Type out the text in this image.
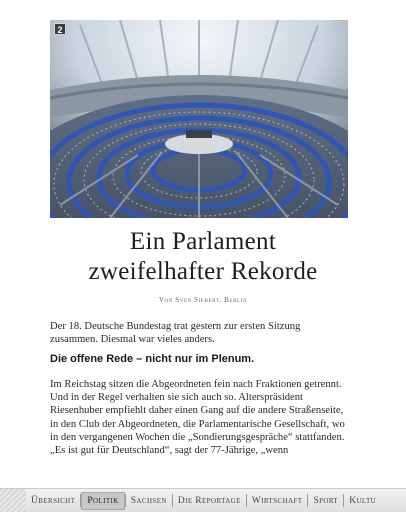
2
Ein Parlament
zweifelhafter Rekorde
Von Sven Siebert, Berlin
Der 18. Deutsche Bundestag trat gestern zur ersten Sitzung zusammen. Diesmal war vieles anders.
Die offene Rede – nicht nur im Plenum.
Im Reichstag sitzen die Abgeordneten fein nach Fraktionen getrennt. Und in der Regel verhalten sie sich auch so. Alterspräsident Riesenhuber empfiehlt daher einen Gang auf die andere Straßenseite, in den Club der Abgeordneten, die Parlamentarische Gesellschaft, wo in den vergangenen Wochen die „Sondierungsgespräche“ stattfanden. „Es ist gut für Deutschland“, sagt der 77-Jährige, „wenn
Übersicht	Politik	Sachsen	Die Reportage	Wirtschaft	Sport	Kultu
